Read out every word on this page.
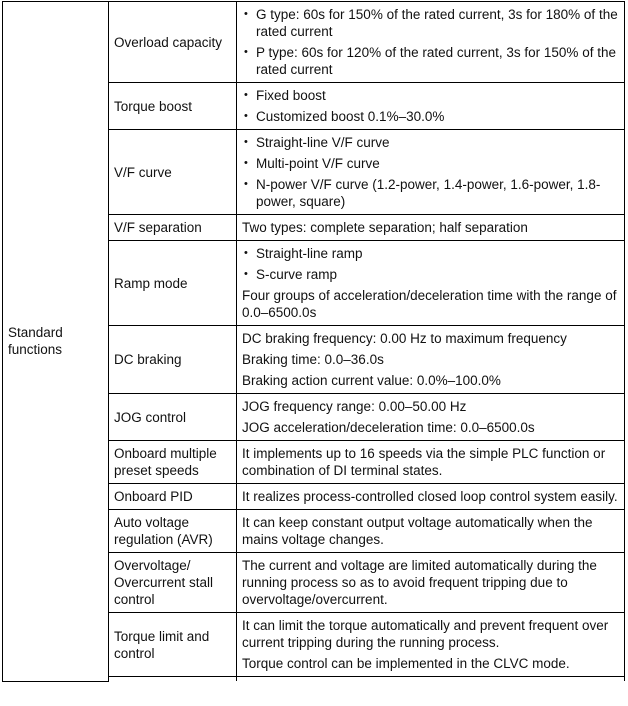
Standard functions	Overload capacity	• G type: 60s for 150% of the rated current, 3s for 180% of the rated current
• P type: 60s for 120% of the rated current, 3s for 150% of the rated current

	Torque boost	• Fixed boost
• Customized boost 0.1%–30.0%

	V/F curve	• Straight-line V/F curve
• Multi-point V/F curve
• N-power V/F curve (1.2-power, 1.4-power, 1.6-power, 1.8-power, square)

	V/F separation	Two types: complete separation; half separation

	Ramp mode	• Straight-line ramp
• S-curve ramp
Four groups of acceleration/deceleration time with the range of 0.0–6500.0s

	DC braking	DC braking frequency: 0.00 Hz to maximum frequency
Braking time: 0.0–36.0s
Braking action current value: 0.0%–100.0%

	JOG control	JOG frequency range: 0.00–50.00 Hz
JOG acceleration/deceleration time: 0.0–6500.0s

	Onboard multiple preset speeds	It implements up to 16 speeds via the simple PLC function or combination of DI terminal states.

	Onboard PID	It realizes process-controlled closed loop control system easily.

	Auto voltage regulation (AVR)	It can keep constant output voltage automatically when the mains voltage changes.

	Overvoltage/ Overcurrent stall control	The current and voltage are limited automatically during the running process so as to avoid frequent tripping due to overvoltage/overcurrent.

	Torque limit and control	It can limit the torque automatically and prevent frequent over current tripping during the running process.
Torque control can be implemented in the CLVC mode.
